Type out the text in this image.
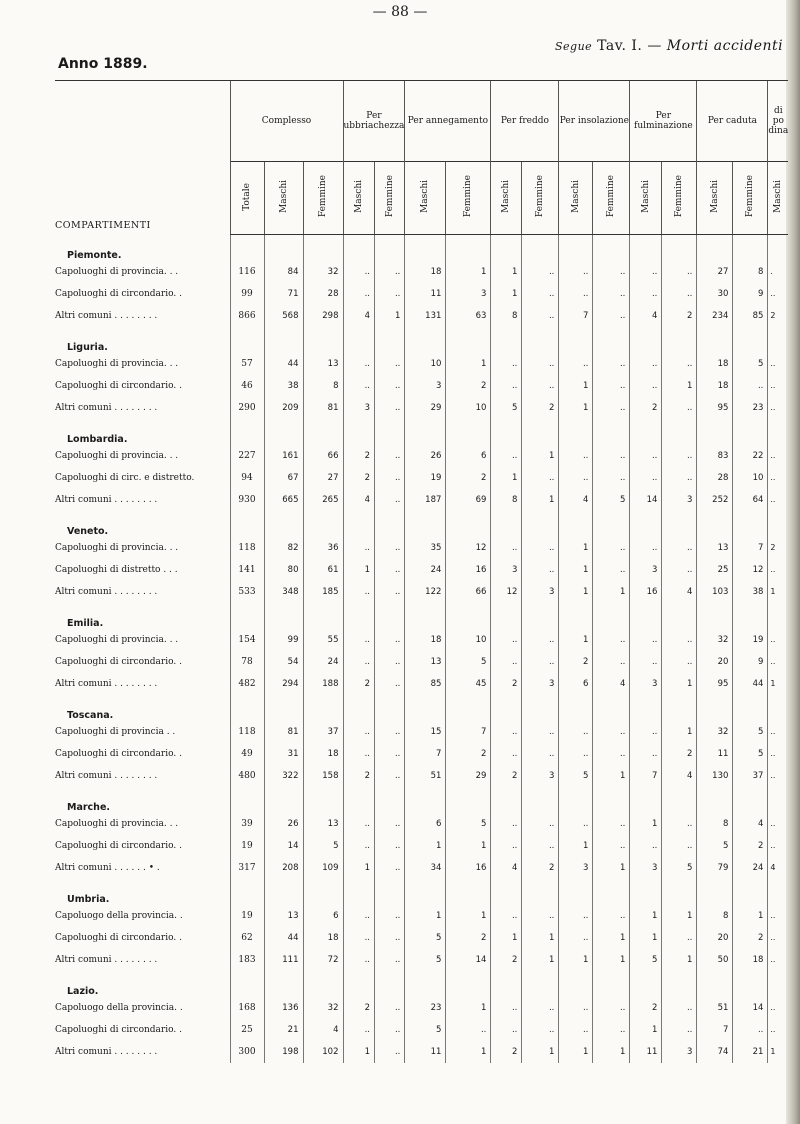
— 88 —
Anno 1889.
Segue Tav. I. — Morti accidenti
COMPARTIMENTI	Complesso			Per ubbriachezza		Per annegamento		Per freddo		Per insolazione		Per fulminazione		Per caduta		di po dina
	Totale	Maschi	Femmine	Maschi	Femmine	Maschi	Femmine	Maschi	Femmine	Maschi	Femmine	Maschi	Femmine	Maschi	Femmine	Maschi
Piemonte.																
Capoluoghi di provincia. . .	116	84	32	..	..	18	1	1	..	..	..	..	..	27	8	.
Capoluoghi di circondario. .	99	71	28	..	..	11	3	1	..	..	..	..	..	30	9	..
Altri comuni . . . . . . . .	866	568	298	4	1	131	63	8	..	7	..	4	2	234	85	2
Liguria.																
Capoluoghi di provincia. . .	57	44	13	..	..	10	1	..	..	..	..	..	..	18	5	..
Capoluoghi di circondario. .	46	38	8	..	..	3	2	..	..	1	..	..	1	18	..	..
Altri comuni . . . . . . . .	290	209	81	3	..	29	10	5	2	1	..	2	..	95	23	..
Lombardia.																
Capoluoghi di provincia. . .	227	161	66	2	..	26	6	..	1	..	..	..	..	83	22	..
Capoluoghi di circ. e distretto.	94	67	27	2	..	19	2	1	..	..	..	..	..	28	10	..
Altri comuni . . . . . . . .	930	665	265	4	..	187	69	8	1	4	5	14	3	252	64	..
Veneto.																
Capoluoghi di provincia. . .	118	82	36	..	..	35	12	..	..	1	..	..	..	13	7	2
Capoluoghi di distretto . . .	141	80	61	1	..	24	16	3	..	1	..	3	..	25	12	..
Altri comuni . . . . . . . .	533	348	185	..	..	122	66	12	3	1	1	16	4	103	38	1
Emilia.																
Capoluoghi di provincia. . .	154	99	55	..	..	18	10	..	..	1	..	..	..	32	19	..
Capoluoghi di circondario. .	78	54	24	..	..	13	5	..	..	2	..	..	..	20	9	..
Altri comuni . . . . . . . .	482	294	188	2	..	85	45	2	3	6	4	3	1	95	44	1
Toscana.																
Capoluoghi di provincia . .	118	81	37	..	..	15	7	..	..	..	..	..	1	32	5	..
Capoluoghi di circondario. .	49	31	18	..	..	7	2	..	..	..	..	..	2	11	5	..
Altri comuni . . . . . . . .	480	322	158	2	..	51	29	2	3	5	1	7	4	130	37	..
Marche.																
Capoluoghi di provincia. . .	39	26	13	..	..	6	5	..	..	..	..	1	..	8	4	..
Capoluoghi di circondario. .	19	14	5	..	..	1	1	..	..	1	..	..	..	5	2	..
Altri comuni . . . . . . • .	317	208	109	1	..	34	16	4	2	3	1	3	5	79	24	4
Umbria.																
Capoluogo della provincia. .	19	13	6	..	..	1	1	..	..	..	..	1	1	8	1	..
Capoluoghi di circondario. .	62	44	18	..	..	5	2	1	1	..	1	1	..	20	2	..
Altri comuni . . . . . . . .	183	111	72	..	..	5	14	2	1	1	1	5	1	50	18	..
Lazio.																
Capoluogo della provincia. .	168	136	32	2	..	23	1	..	..	..	..	2	..	51	14	..
Capoluoghi di circondario. .	25	21	4	..	..	5	..	..	..	..	..	1	..	7	..	..
Altri comuni . . . . . . . .	300	198	102	1	..	11	1	2	1	1	1	11	3	74	21	1
